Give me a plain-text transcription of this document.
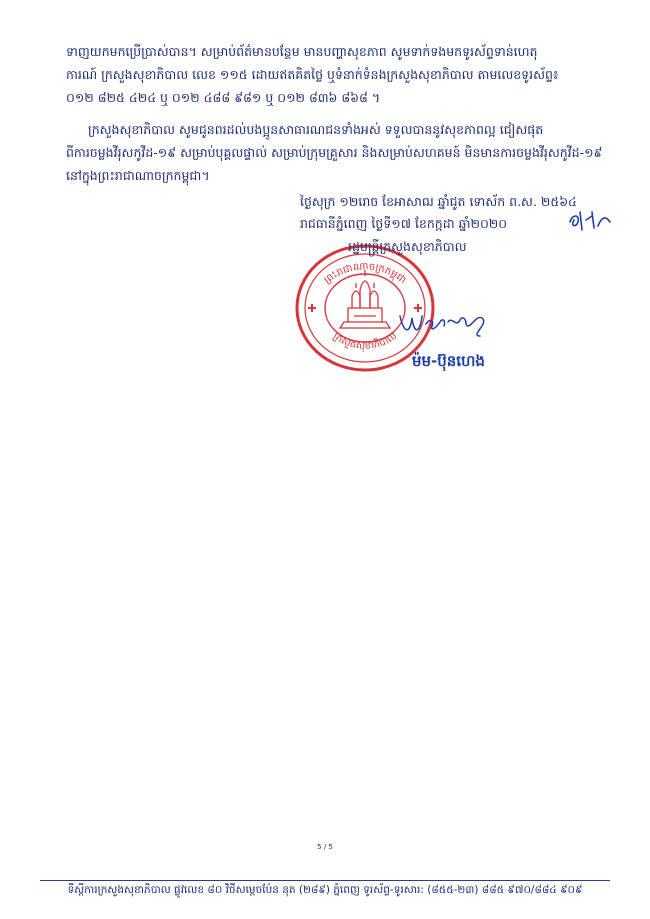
ទាញយកមកប្រើប្រាស់បាន។ សម្រាប់ព័ត៌មានបន្ថែម មានបញ្ហាសុខភាព សូមទាក់ទងមកទូរស័ព្ទទាន់ហេតុ
ការណ៍ ក្រសួងសុខាភិបាល លេខ ១១៥ ដោយឥតគិតថ្លៃ ឬទំនាក់ទំនងក្រសួងសុខាភិបាល តាមលេខទូរស័ព្ទ៖
០១២ ៨២៥ ៤២៤ ឬ ០១២ ៤៨៨ ៩៨១ ឬ ០១២ ៨៣៦ ៨៦៨ ។
ក្រសួងសុខាភិបាល សូមជូនពរដល់បងប្អូនសាធារណជនទាំងអស់ ទទួលបាននូវសុខភាពល្អ ជៀសផុត
ពីការចម្លងវីរុសកូវីដ-១៩ សម្រាប់បុគ្គលផ្ទាល់ សម្រាប់ក្រុមគ្រួសារ និងសម្រាប់សហគមន៍ មិនមានការចម្លងវីរុសកូវីដ-១៩
នៅក្នុងព្រះរាជាណាចក្រកម្ពុជា។
ថ្ងៃសុក្រ ១២រោច ខែអាសាឍ ឆ្នាំជូត ទោស័ក ព.ស. ២៥៦៤
រាជធានីភ្នំពេញ ថ្ងៃទី១៧ ខែកក្កដា ឆ្នាំ២០២០
ព្រះរាជាណាចក្រកម្ពុជា
ក្រសួងសុខាភិបាល
រដ្ឋមន្ត្រីក្រសួងសុខាភិបាល
ម៉ម-ប៊ុនហេង
5 / 5
ទីស្តីការក្រសួងសុខាភិបាល ផ្លូវលេខ ៨០ វិថីសម្តេចប៉ែន នុត (២៨៩) ភ្នំពេញ ទូរស័ព្ទ-ទូរសារ: (៨៥៥-២៣) ៨៨៥ ៩៧០/៨៨៤ ៩០៩
